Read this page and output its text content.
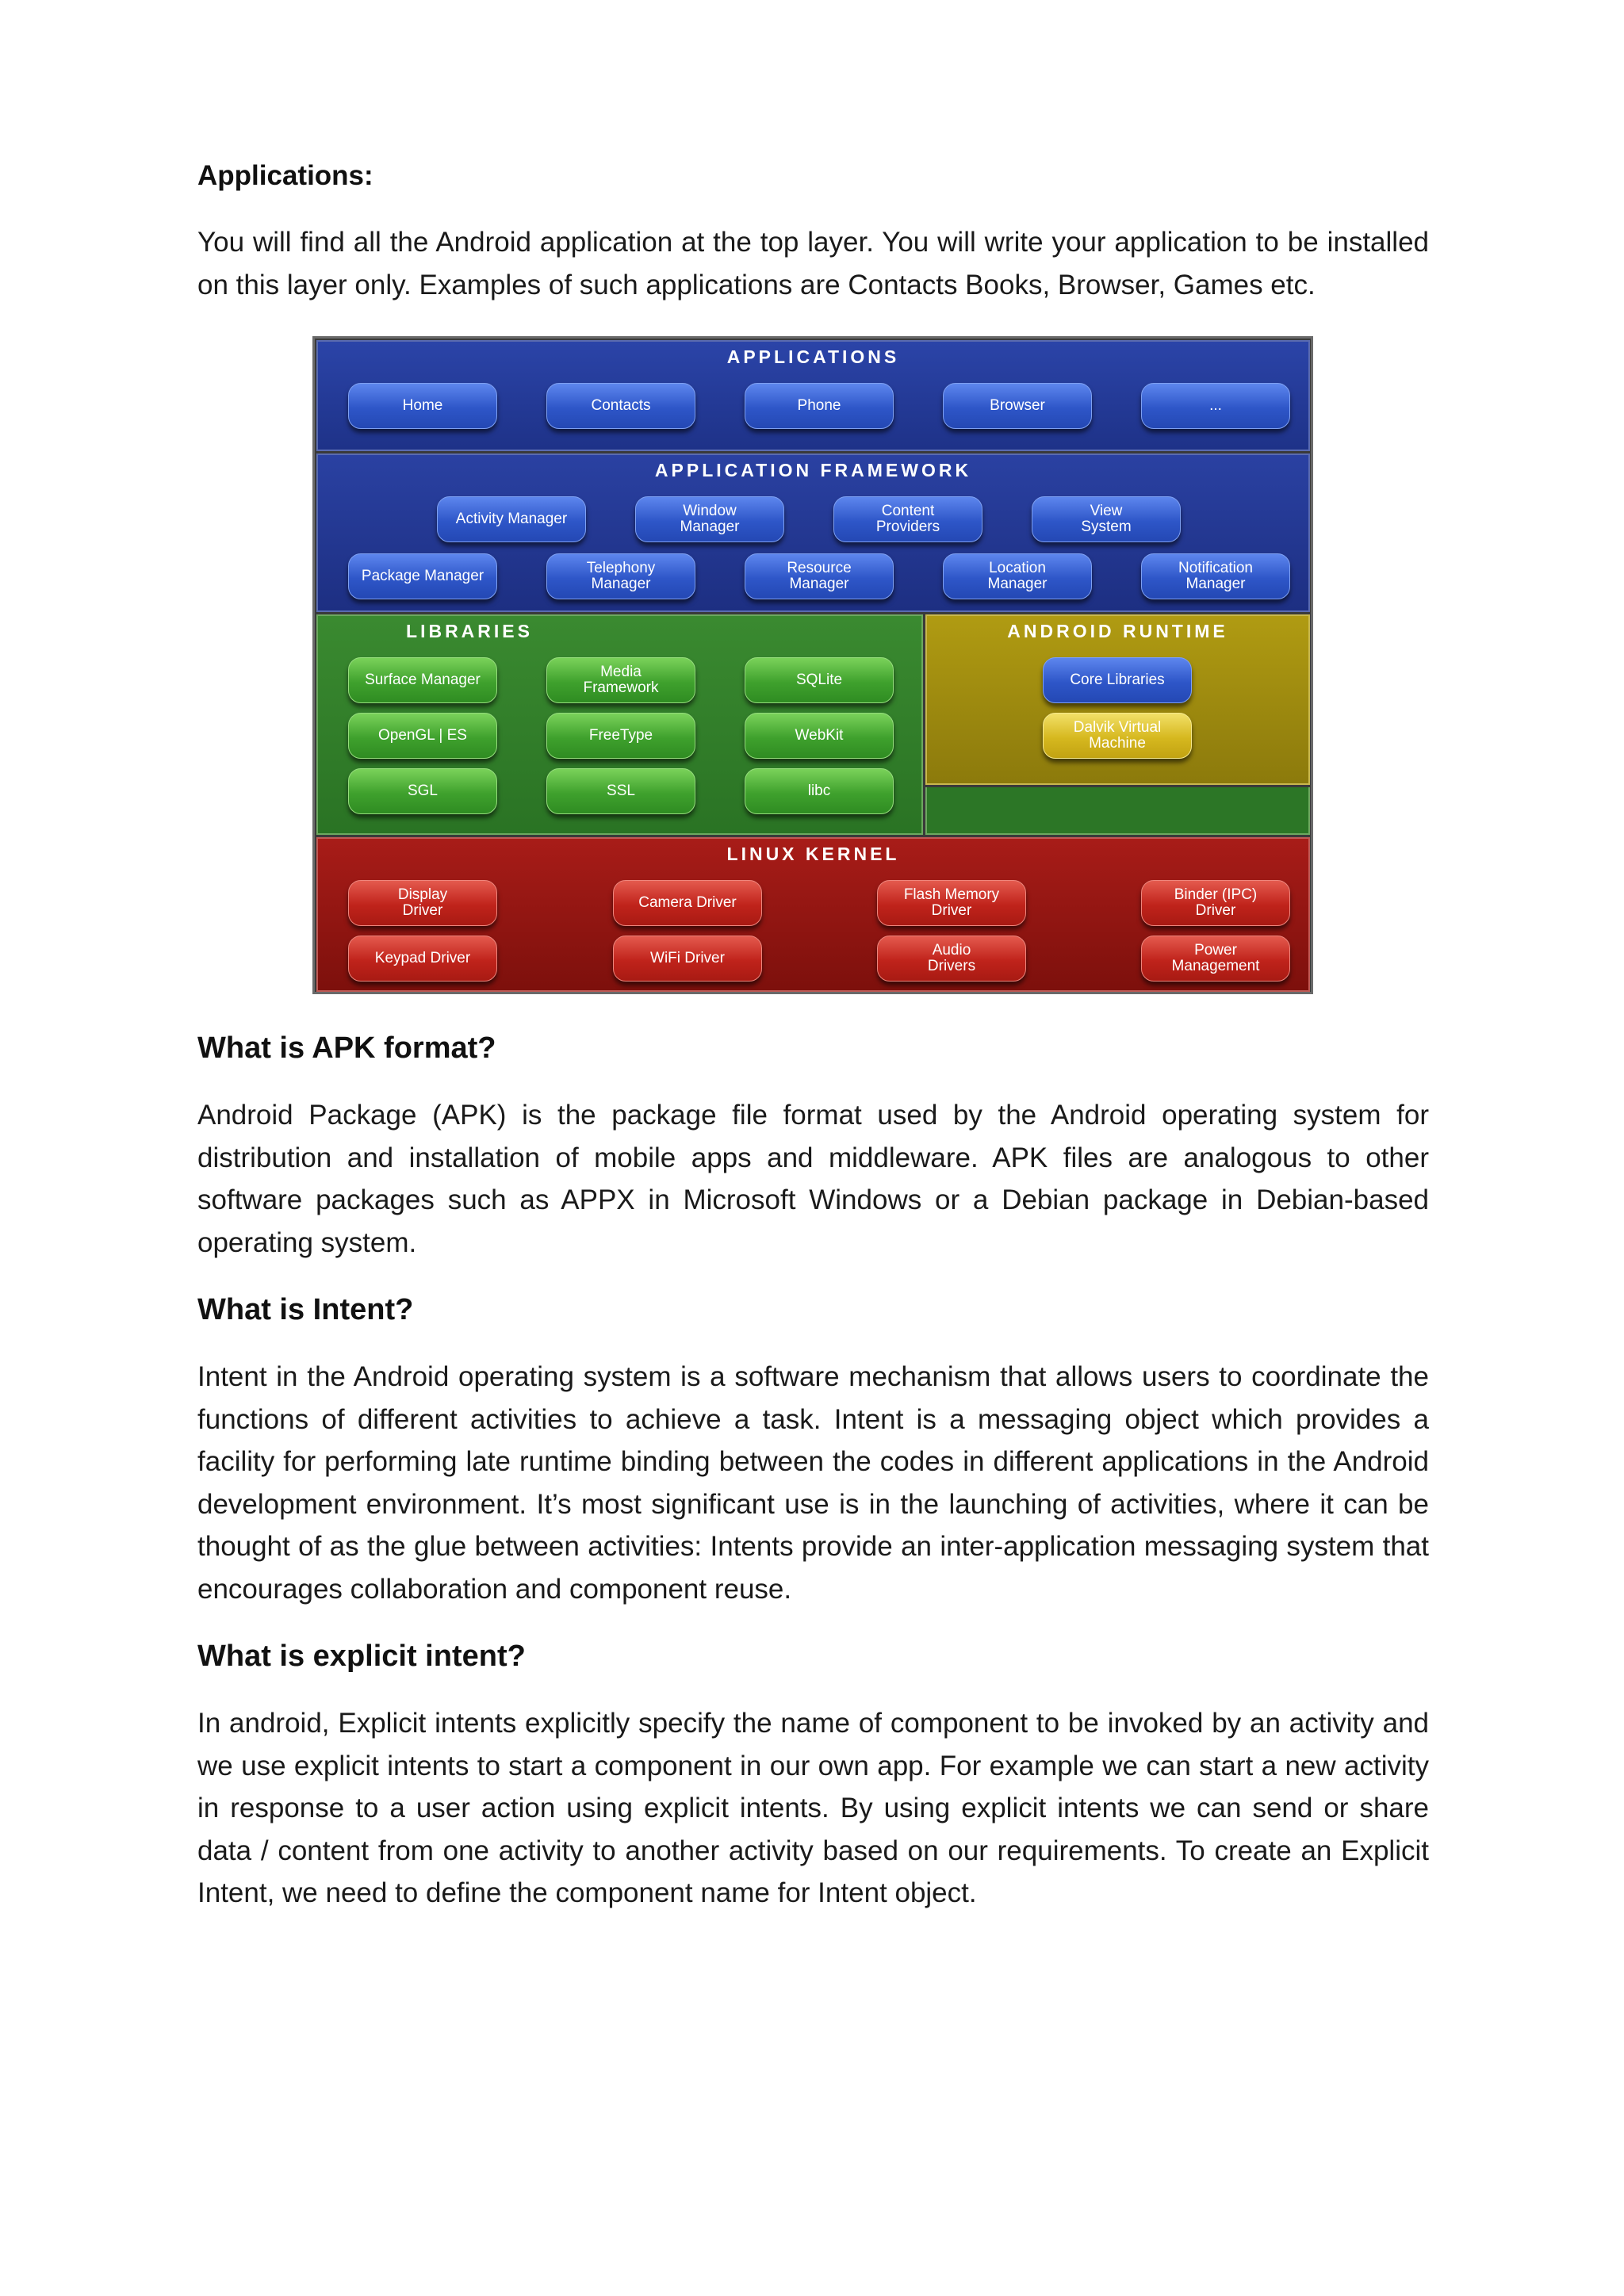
Applications:

You will find all the Android application at the top layer. You will write your application to be installed on this layer only. Examples of such applications are Contacts Books, Browser, Games etc.

APPLICATIONS
Home	Contacts	Phone	Browser	...
APPLICATION FRAMEWORK
Activity Manager	Window
Manager
Content
Providers
View
System
Package Manager	Telephony
Manager
Resource
Manager
Location
Manager
Notification
Manager
LIBRARIES
Surface Manager	Media
Framework	SQLite
OpenGL | ES	FreeType	WebKit
SGL	SSL	libc
ANDROID RUNTIME
Core Libraries
Dalvik Virtual
Machine
LINUX KERNEL
Display
Driver	Camera Driver	Flash Memory
Driver
Binder (IPC)
Driver
Keypad Driver	WiFi Driver	Audio
Drivers
Power
Management
What is APK format?

Android Package (APK) is the package file format used by the Android operating system for distribution and installation of mobile apps and middleware. APK files are analogous to other software packages such as APPX in Microsoft Windows or a Debian package in Debian-based operating system.

What is Intent?

Intent in the Android operating system is a software mechanism that allows users to coordinate the functions of different activities to achieve a task. Intent is a messaging object which provides a facility for performing late runtime binding between the codes in different applications in the Android development environment. It’s most significant use is in the launching of activities, where it can be thought of as the glue between activities: Intents provide an inter-application messaging system that encourages collaboration and component reuse.

What is explicit intent?

In android, Explicit intents explicitly specify the name of component to be invoked by an activity and we use explicit intents to start a component in our own app. For example we can start a new activity in response to a user action using explicit intents. By using explicit intents we can send or share data / content from one activity to another activity based on our requirements. To create an Explicit Intent, we need to define the component name for Intent object.
